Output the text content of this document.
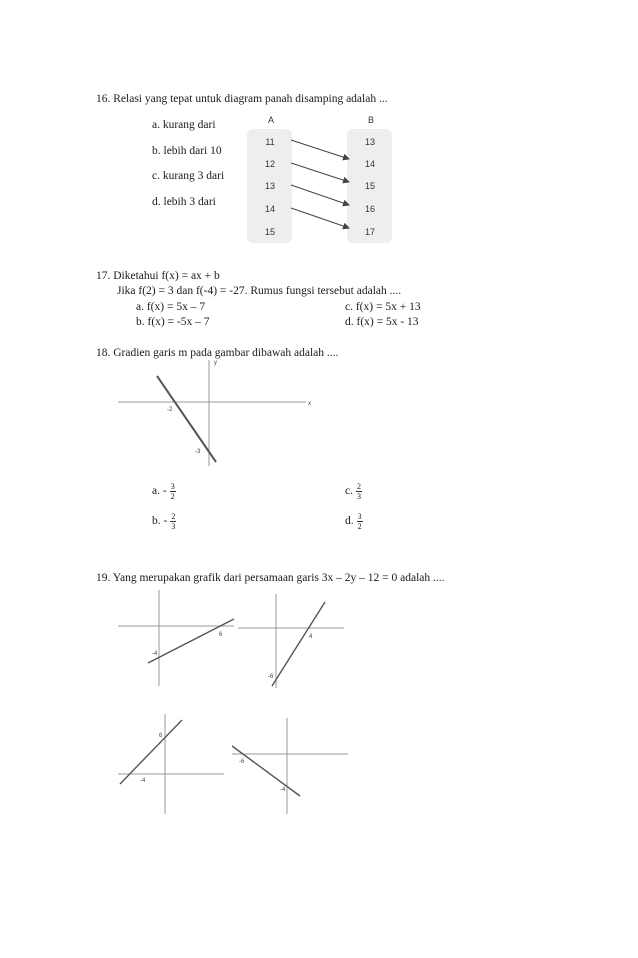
16. Relasi yang tepat untuk diagram panah disamping adalah ...
a. kurang dari
b. lebih dari 10
c. kurang 3 dari
d. lebih 3 dari
A	B
11
12
13
14
15
13
14
15
16
17
17. Diketahui f(x) = ax + b
Jika f(2) = 3 dan f(-4) = -27. Rumus fungsi tersebut adalah ....
a. f(x) = 5x – 7
b. f(x) = -5x – 7
c. f(x) = 5x + 13
d. f(x) = 5x - 13
18. Gradien garis m pada gambar dibawah adalah ....
y
x
-2
-3
a. - $\frac{3}{2}$
b. - $\frac{2}{3}$
c. $\frac{2}{3}$
d. $\frac{3}{2}$
19. Yang merupakan grafik dari persamaan garis 3x – 2y – 12 = 0 adalah ....
6
-4
4
-6
-4
6
-4
-6
